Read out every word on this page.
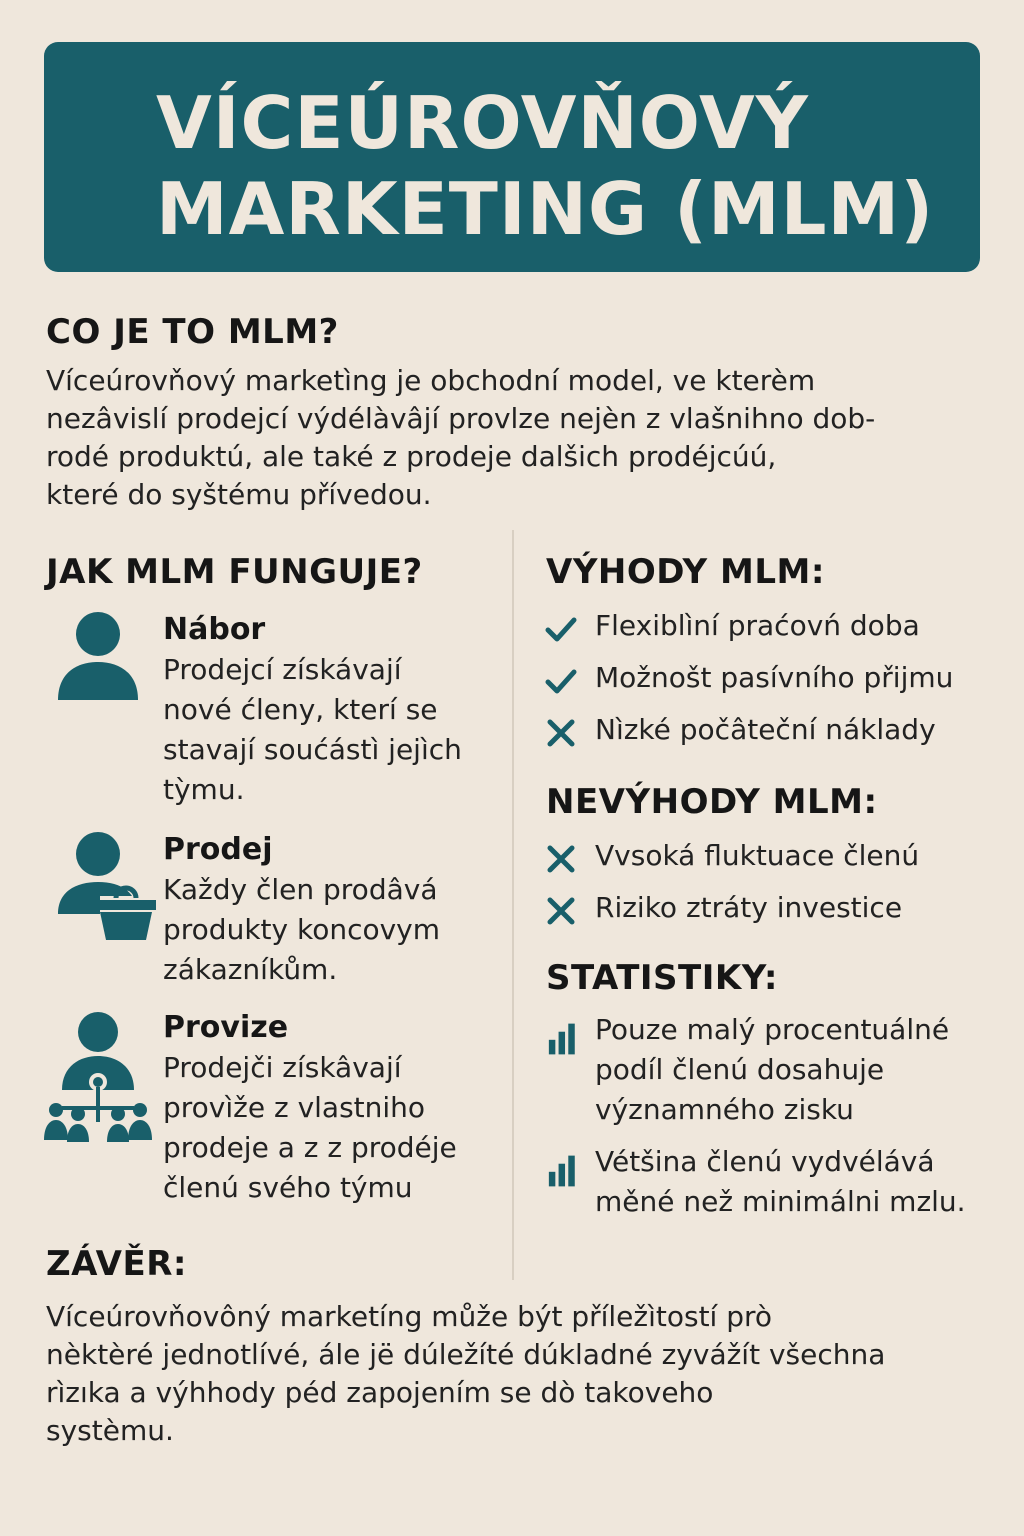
VÍCEÚROVŇOVÝ
MARKETING (MLM)
CO JE TO MLM?
Víceúrovňový marketìng je obchodní model, ve kterèm
nezâvislí prodejcí výdélàvâjí provlze nejèn z vlašnihno dob-
rodé produktú, ale také z prodeje dalšich prodéjcúú,
které do syštému přívedou.
JAK MLM FUNGUJE?
Nábor
Prodejcí získávají
nové ćleny, kterí se
stavají soućástì jejìch
tỳmu.
Prodej
Každy člen prodâvá
produkty koncovym
zákazníkům.
Provize
Prodejči získâvají
provìže z vlastniho
prodeje a z z prodéje
členú svého týmu
VÝHODY MLM:
Flexiblìní praćovń doba
Možnošt pasívního přijmu
Nìzké počâteční náklady
NEVÝHODY MLM:
Vvsoká fluktuace členú
Riziko ztráty investice
STATISTIKY:
Pouze malý procentuálné
podíl členú dosahuje
významného zisku
Vétšina členú vydvélává
měné než minimálni mzlu.
ZÁVĚR:
Víceúrovňovôný marketíng může být příležìtostí prò
nèktèré jednotlívé, ále jë dúležíté dúkladné zyvážít všechna
rìzıka a výhhody péd zapojením se dò takoveho
systèmu.
